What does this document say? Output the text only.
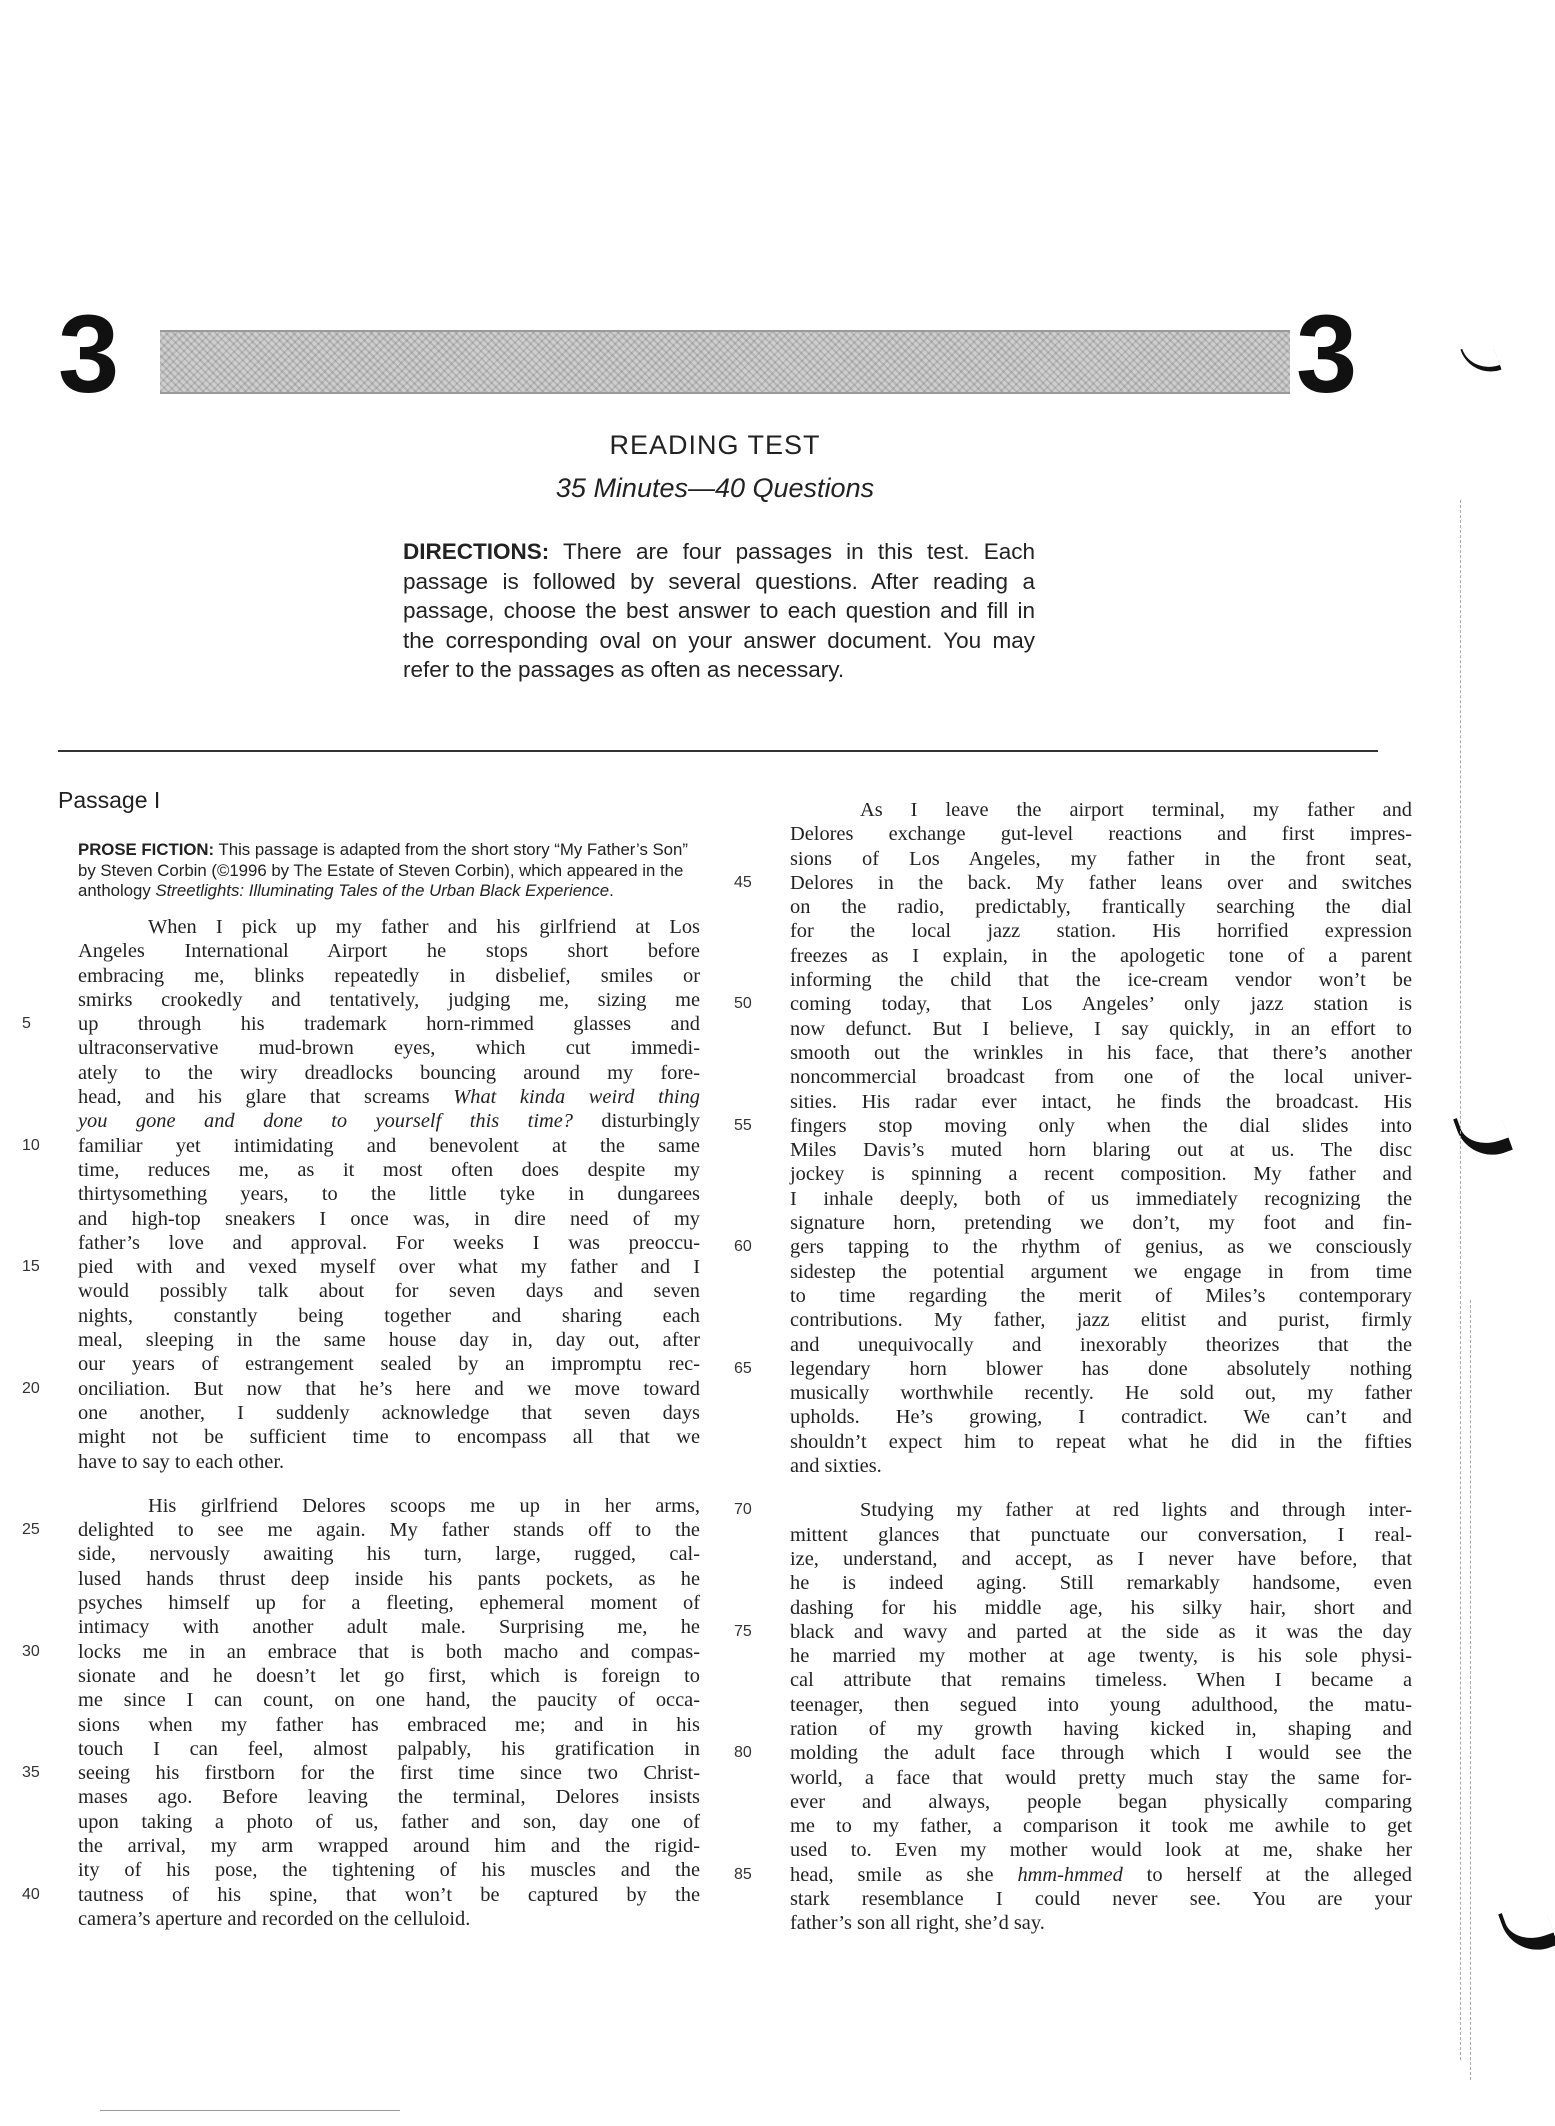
3	3
READING TEST
35 Minutes—40 Questions
DIRECTIONS: There are four passages in this test. Each passage is followed by several questions. After reading a passage, choose the best answer to each question and fill in the corresponding oval on your answer document. You may refer to the passages as often as necessary.
Passage I
PROSE FICTION: This passage is adapted from the short story “My Father’s Son” by Steven Corbin (©1996 by The Estate of Steven Corbin), which appeared in the anthology Streetlights: Illuminating Tales of the Urban Black Experience.
When I pick up my father and his girlfriend at Los
Angeles International Airport he stops short before
embracing me, blinks repeatedly in disbelief, smiles or
smirks crookedly and tentatively, judging me, sizing me
5	up through his trademark horn-rimmed glasses and
ultraconservative mud-brown eyes, which cut immedi-
ately to the wiry dreadlocks bouncing around my fore-
head, and his glare that screams What kinda weird thing
you gone and done to yourself this time? disturbingly
10	familiar yet intimidating and benevolent at the same
time, reduces me, as it most often does despite my
thirtysomething years, to the little tyke in dungarees
and high-top sneakers I once was, in dire need of my
father’s love and approval. For weeks I was preoccu-
15	pied with and vexed myself over what my father and I
would possibly talk about for seven days and seven
nights, constantly being together and sharing each
meal, sleeping in the same house day in, day out, after
our years of estrangement sealed by an impromptu rec-
20	onciliation. But now that he’s here and we move toward
one another, I suddenly acknowledge that seven days
might not be sufficient time to encompass all that we
have to say to each other.
His girlfriend Delores scoops me up in her arms,
25	delighted to see me again. My father stands off to the
side, nervously awaiting his turn, large, rugged, cal-
lused hands thrust deep inside his pants pockets, as he
psyches himself up for a fleeting, ephemeral moment of
intimacy with another adult male. Surprising me, he
30	locks me in an embrace that is both macho and compas-
sionate and he doesn’t let go first, which is foreign to
me since I can count, on one hand, the paucity of occa-
sions when my father has embraced me; and in his
touch I can feel, almost palpably, his gratification in
35	seeing his firstborn for the first time since two Christ-
mases ago. Before leaving the terminal, Delores insists
upon taking a photo of us, father and son, day one of
the arrival, my arm wrapped around him and the rigid-
ity of his pose, the tightening of his muscles and the
40	tautness of his spine, that won’t be captured by the
camera’s aperture and recorded on the celluloid.
As I leave the airport terminal, my father and
Delores exchange gut-level reactions and first impres-
sions of Los Angeles, my father in the front seat,
45	Delores in the back. My father leans over and switches
on the radio, predictably, frantically searching the dial
for the local jazz station. His horrified expression
freezes as I explain, in the apologetic tone of a parent
informing the child that the ice-cream vendor won’t be
50	coming today, that Los Angeles’ only jazz station is
now defunct. But I believe, I say quickly, in an effort to
smooth out the wrinkles in his face, that there’s another
noncommercial broadcast from one of the local univer-
sities. His radar ever intact, he finds the broadcast. His
55	fingers stop moving only when the dial slides into
Miles Davis’s muted horn blaring out at us. The disc
jockey is spinning a recent composition. My father and
I inhale deeply, both of us immediately recognizing the
signature horn, pretending we don’t, my foot and fin-
60	gers tapping to the rhythm of genius, as we consciously
sidestep the potential argument we engage in from time
to time regarding the merit of Miles’s contemporary
contributions. My father, jazz elitist and purist, firmly
and unequivocally and inexorably theorizes that the
65	legendary horn blower has done absolutely nothing
musically worthwhile recently. He sold out, my father
upholds. He’s growing, I contradict. We can’t and
shouldn’t expect him to repeat what he did in the fifties
and sixties.
70	Studying my father at red lights and through inter-
mittent glances that punctuate our conversation, I real-
ize, understand, and accept, as I never have before, that
he is indeed aging. Still remarkably handsome, even
dashing for his middle age, his silky hair, short and
75	black and wavy and parted at the side as it was the day
he married my mother at age twenty, is his sole physi-
cal attribute that remains timeless. When I became a
teenager, then segued into young adulthood, the matu-
ration of my growth having kicked in, shaping and
80	molding the adult face through which I would see the
world, a face that would pretty much stay the same for-
ever and always, people began physically comparing
me to my father, a comparison it took me awhile to get
used to. Even my mother would look at me, shake her
85	head, smile as she hmm-hmmed to herself at the alleged
stark resemblance I could never see. You are your
father’s son all right, she’d say.
